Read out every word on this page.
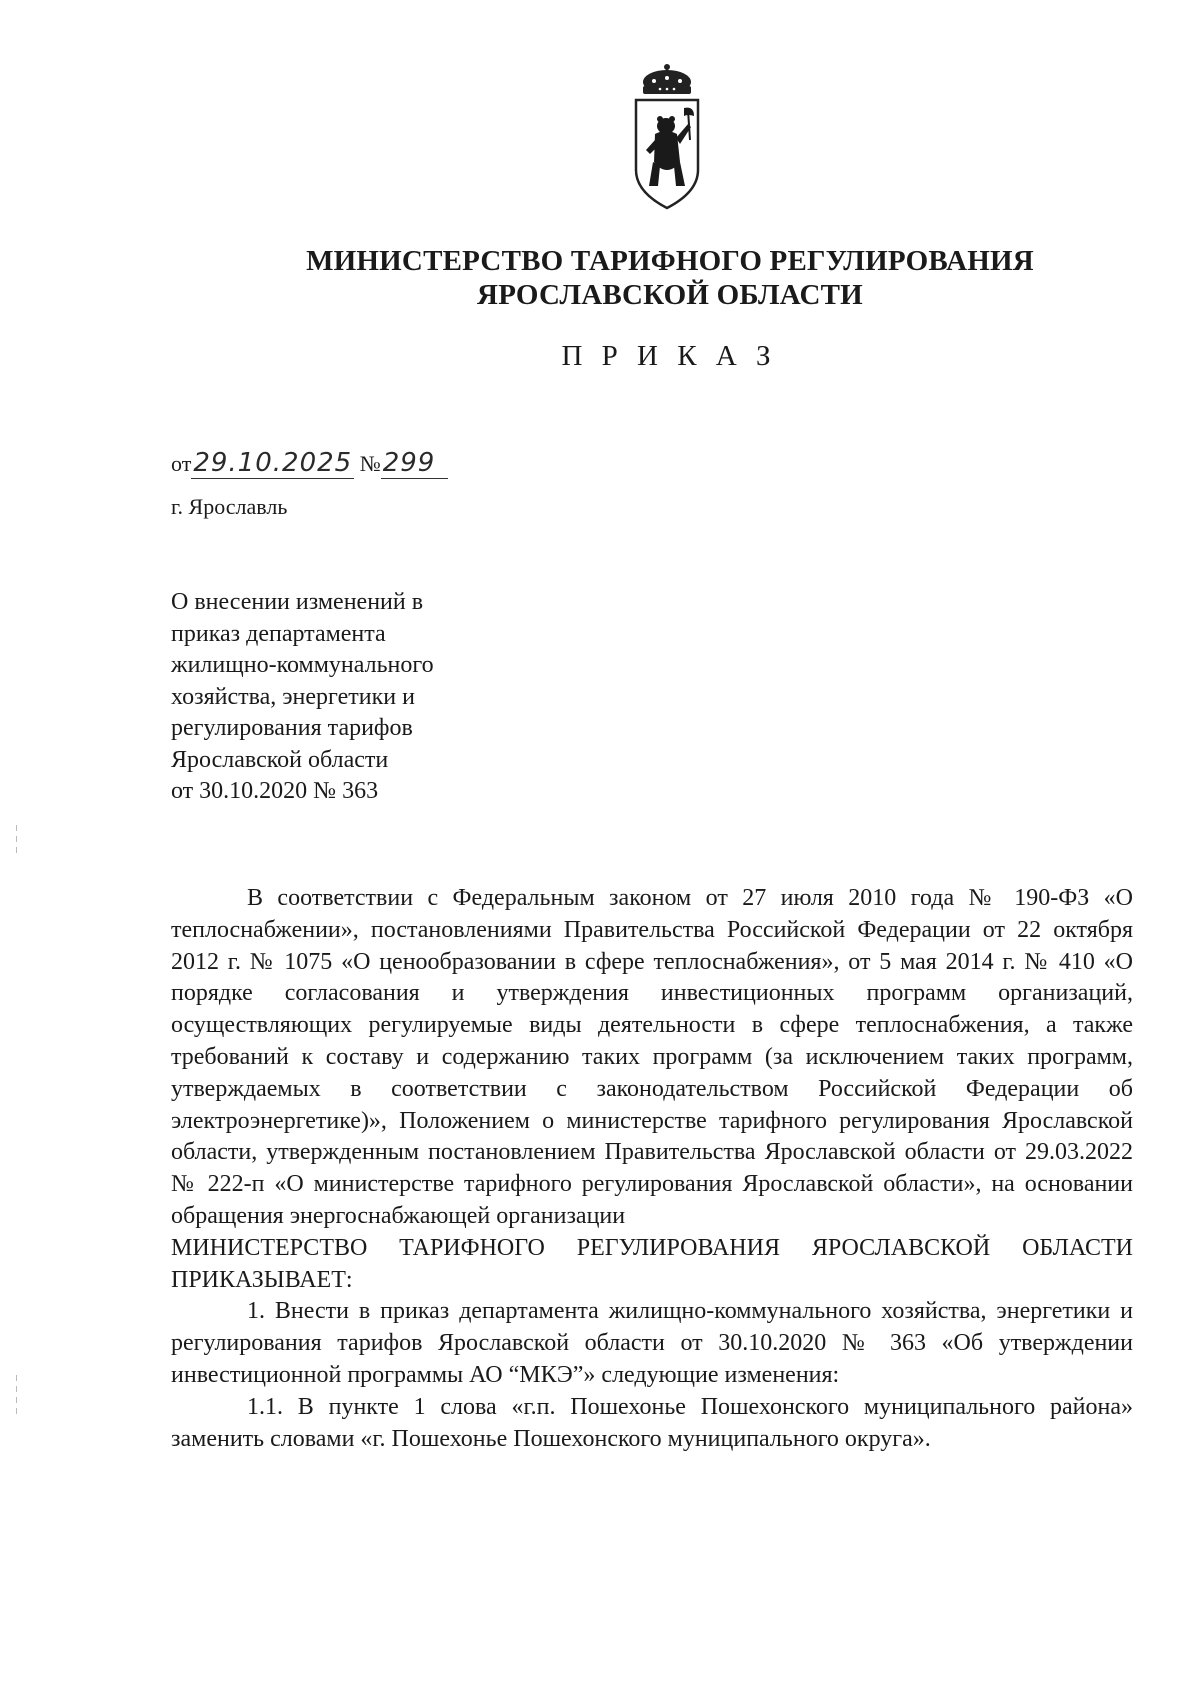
МИНИСТЕРСТВО ТАРИФНОГО РЕГУЛИРОВАНИЯ
ЯРОСЛАВСКОЙ ОБЛАСТИ
П Р И К А З
от29.10.2025 №299
г. Ярославль
О внесении изменений в
приказ департамента
жилищно-коммунального
хозяйства, энергетики и
регулирования тарифов
Ярославской области
от 30.10.2020 № 363

В соответствии с Федеральным законом от 27 июля 2010 года № 190-ФЗ «О теплоснабжении», постановлениями Правительства Российской Федерации от 22 октября 2012 г. № 1075 «О ценообразовании в сфере теплоснабжения», от 5 мая 2014 г. № 410 «О порядке согласования и утверждения инвестиционных программ организаций, осуществляющих регулируемые виды деятельности в сфере теплоснабжения, а также требований к составу и содержанию таких программ (за исключением таких программ, утверждаемых в соответствии с законодательством Российской Федерации об электроэнергетике)», Положением о министерстве тарифного регулирования Ярославской области, утвержденным постановлением Правительства Ярославской области от 29.03.2022 № 222-п «О министерстве тарифного регулирования Ярославской области», на основании обращения энергоснабжающей организации

МИНИСТЕРСТВО ТАРИФНОГО РЕГУЛИРОВАНИЯ ЯРОСЛАВСКОЙ ОБЛАСТИ ПРИКАЗЫВАЕТ:

1. Внести в приказ департамента жилищно-коммунального хозяйства, энергетики и регулирования тарифов Ярославской области от 30.10.2020 № 363 «Об утверждении инвестиционной программы АО “МКЭ”» следующие изменения:

1.1. В пункте 1 слова «г.п. Пошехонье Пошехонского муниципального района» заменить словами «г. Пошехонье Пошехонского муниципального округа».
